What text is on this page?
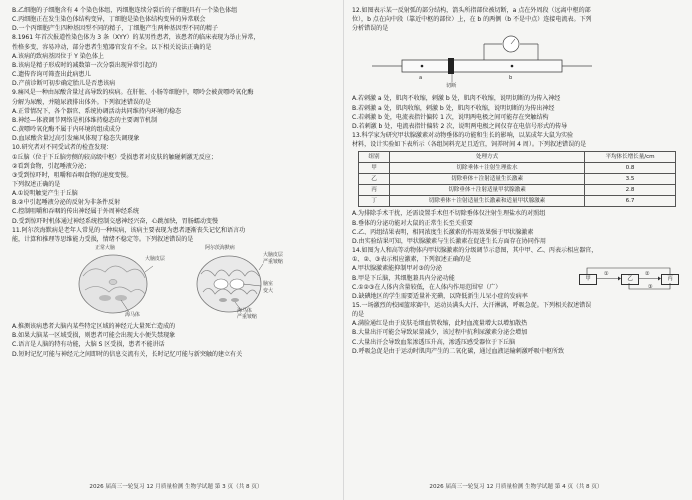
B.乙细胞的子细胞含有 4 个染色体组，丙细胞连续分裂后的子细胞具有一个染色体组
C.丙细胞正在发生染色体结构变异，丁细胞是染色体结构变异的异常联会
D.一个丙细胞产生四种基因型不同的精子，丁细胞产生两种基因型不同的精子
8.1961 年首次报道性染色体为 3 条（XYY）的某男性患者，该患者的临床表现为举止异常，
性格多变，容易冲动，部分患者生殖器官发育不全。以下相关说法正确的是
A.该病的致病基因位于 Y 染色体上
B.该病是精子形成时的减数第一次分裂出现异常引起的
C.遗传咨询可筛查出此病患儿
D.产前诊断可初步确定胎儿是否患该病
9.痛风是一种由尿酸含量过高导致的疾病。在肝脏、小肠等细胞中，嘌呤会被黄嘌呤氧化酶
分解为尿酸，并随尿液排出体外。下列叙述错误的是
A.正常情况下，各个器官、系统协调活动共同维持内环境的稳态
B.神经—体液调节网络是机体维持稳态的主要调节机制
C.黄嘌呤氧化酶不属于内环境的组成成分
D.血尿酸含量过高引发痛风体现了稳态失调现象
10.研究者对不同受试者的检查发现：
①丘脑（位于下丘脑旁侧的较高级中枢）受损患者对皮肤的触碰刺激无反应；
②看到食物，引起唾液分泌；
③受到惊吓时，咀嚼和吞咽食物的速度变慢。
下列叙述正确的是
A.①说明触觉产生于丘脑
B.②中引起唾液分泌的反射为非条件反射
C.控制咀嚼和吞咽的传出神经属于外周神经系统
D.受到惊吓时机体通过神经系统控制交感神经兴奋，心跳加快，胃肠蠕动变慢
11.阿尔茨海默病是老年人常见的一种疾病，该病主要表现为患者逐渐丧失记忆和语言功
能，计算和推理等思维能力受损，情绪不稳定等。下列叙述错误的是
正常大脑
大脑皮层
海马体
阿尔茨海默病
大脑皮层
严重皱缩
海马体
严重皱缩
脑室
变大
A.推测该病患者大脑内某些特定区域的神经元大量死亡造成的
B.如果大脑某一区域受损，则患者可能会出现大小便失禁现象
C.语言是人脑的特有功能，大脑 S 区受损，患者不能讲话
D.短时记忆可能与神经元之间即时的信息交流有关，长时记忆可能与新突触的建立有关
2026 届高三一轮复习 12 月质量检测 生物学试题 第 3 页（共 8 页）
12.如图表示某一反射弧的部分结构，箭头所指部位被切断，a 点在外周段（远离中枢的部
位），b 点在向中段（靠近中枢的部位）上，在 b 的两侧（b 不是中点）连接电流表。下列
分析错误的是
a	b
切断
A.若刺激 a 处，肌肉不收缩，刺激 b 处，肌肉不收缩，说明切断的为传入神经
B.若刺激 a 处，肌肉收缩，刺激 b 处，肌肉不收缩，说明切断的为传出神经
C.若刺激 b 处，电流表指针偏转 1 次，说明两电极之间可能存在突触结构
D.若刺激 b 处，电流表指针偏转 2 次，说明两电极之间仅存在电信号形式的传导
13.科学家为研究甲状腺激素对动物垂体的功能和生长的影响，以某成年大鼠为实验
材料，设计实验如下表所示（各组饲料充足且适宜，饲养时间 4 周）。下列叙述错误的是
组别	处理方式	平均体长增长量/cm
甲	切除垂体＋注射生理盐水	0.8
乙	切除垂体＋注射适量生长激素	3.5
丙	切除垂体＋注射适量甲状腺激素	2.8
丁	切除垂体＋注射适量生长激素和适量甲状腺激素	6.7
A.为排除手术干扰，还需设置手术但不切除垂体仅注射生理盐水的对照组
B.垂体的分泌功能对大鼠的正常生长至关重要
C.乙、丙组结果表明，相同浓度生长激素的作用效果强于甲状腺激素
D.由实验结果可知，甲状腺激素与生长激素在促进生长方面存在协同作用
14.如图为人和高等动物体内甲状腺激素的分级调节示意图，其中甲、乙、丙表示相应器官，
①、②、③表示相应激素，下列叙述正确的是
A.甲状腺激素能抑制甲对③的分泌
B.甲是下丘脑，其细胞兼具内分泌功能
C.①②③在人体内含量较低，在人体内作用范围窄（广）
D.缺碘地区的学生需要适量补充碘，以降低新生儿呆小症的发病率
甲	乙	丙
①	②
③
15.一场激烈的校园篮球赛中，运动员满头大汗、大汗淋漓，呼吸急促。下列相关叙述错误
的是
A.满脸通红是由于皮肤毛细血管收缩，此时血流量增大以增加散热
B.大量出汗可能会导致尿量减少，该过程中抗利尿激素分泌会增加
C.大量出汗会导致血浆渗透压升高，渗透压感受器位于下丘脑
D.呼吸急促是由于运动时肌肉产生的二氧化碳，通过血液运输刺激呼吸中枢所致
2026 届高三一轮复习 12 月质量检测 生物学试题 第 4 页（共 8 页）
